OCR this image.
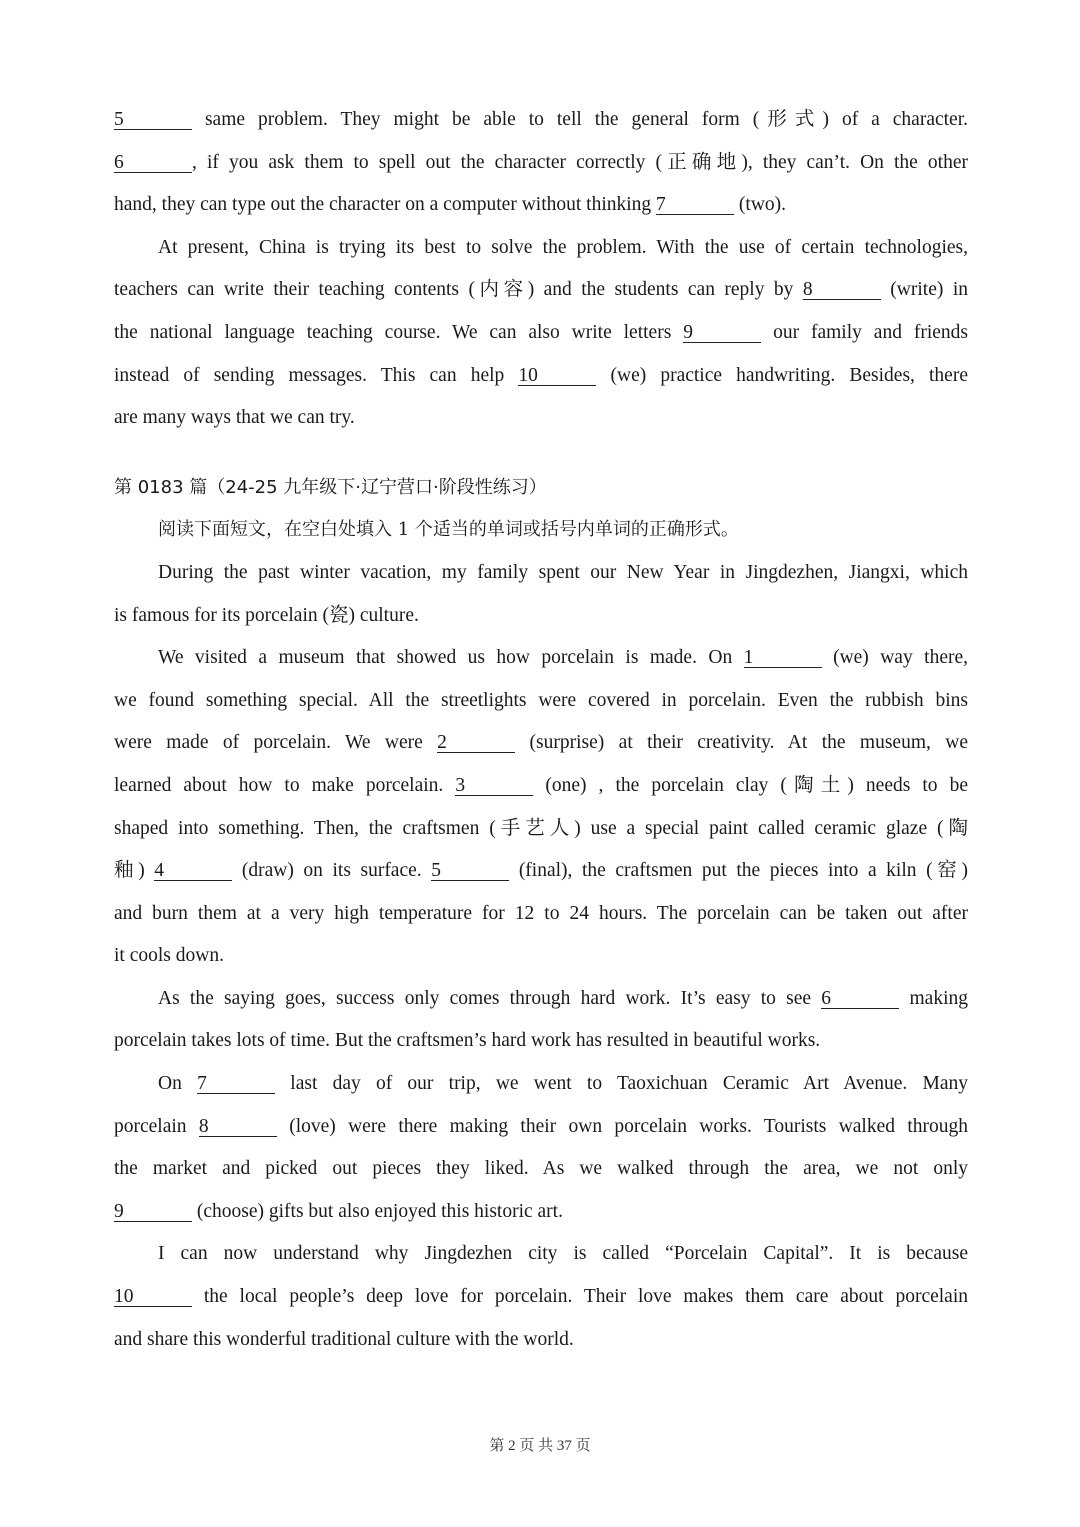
5	same problem. They might be able to tell the general form (形式) of a character.
6	, if you ask them to spell out the character correctly (正确地), they can’t. On the other
hand, they can type out the character on a computer without thinking 7	(two).
At present, China is trying its best to solve the problem. With the use of certain technologies,
teachers can write their teaching contents (内容) and the students can reply by 8	(write) in
the national language teaching course. We can also write letters 9	our family and friends
instead of sending messages. This can help 10	(we) practice handwriting. Besides, there
are many ways that we can try.
第 0183 篇（24-25 九年级下·辽宁营口·阶段性练习）
阅读下面短文，在空白处填入 1 个适当的单词或括号内单词的正确形式。
During the past winter vacation, my family spent our New Year in Jingdezhen, Jiangxi, which
is famous for its porcelain (瓷) culture.
We visited a museum that showed us how porcelain is made. On 1	(we) way there,
we found something special. All the streetlights were covered in porcelain. Even the rubbish bins
were made of porcelain. We were 2	(surprise) at their creativity. At the museum, we
learned about how to make porcelain. 3	(one) , the porcelain clay (陶土) needs to be
shaped into something. Then, the craftsmen (手艺人) use a special paint called ceramic glaze (陶
釉) 4	(draw) on its surface. 5	(final), the craftsmen put the pieces into a kiln (窑)
and burn them at a very high temperature for 12 to 24 hours. The porcelain can be taken out after
it cools down.
As the saying goes, success only comes through hard work. It’s easy to see 6	making
porcelain takes lots of time. But the craftsmen’s hard work has resulted in beautiful works.
On 7	last day of our trip, we went to Taoxichuan Ceramic Art Avenue. Many
porcelain 8	(love) were there making their own porcelain works. Tourists walked through
the market and picked out pieces they liked. As we walked through the area, we not only
9	(choose) gifts but also enjoyed this historic art.
I can now understand why Jingdezhen city is called “Porcelain Capital”. It is because
10	the local people’s deep love for porcelain. Their love makes them care about porcelain
and share this wonderful traditional culture with the world.
第 2 页 共 37 页
